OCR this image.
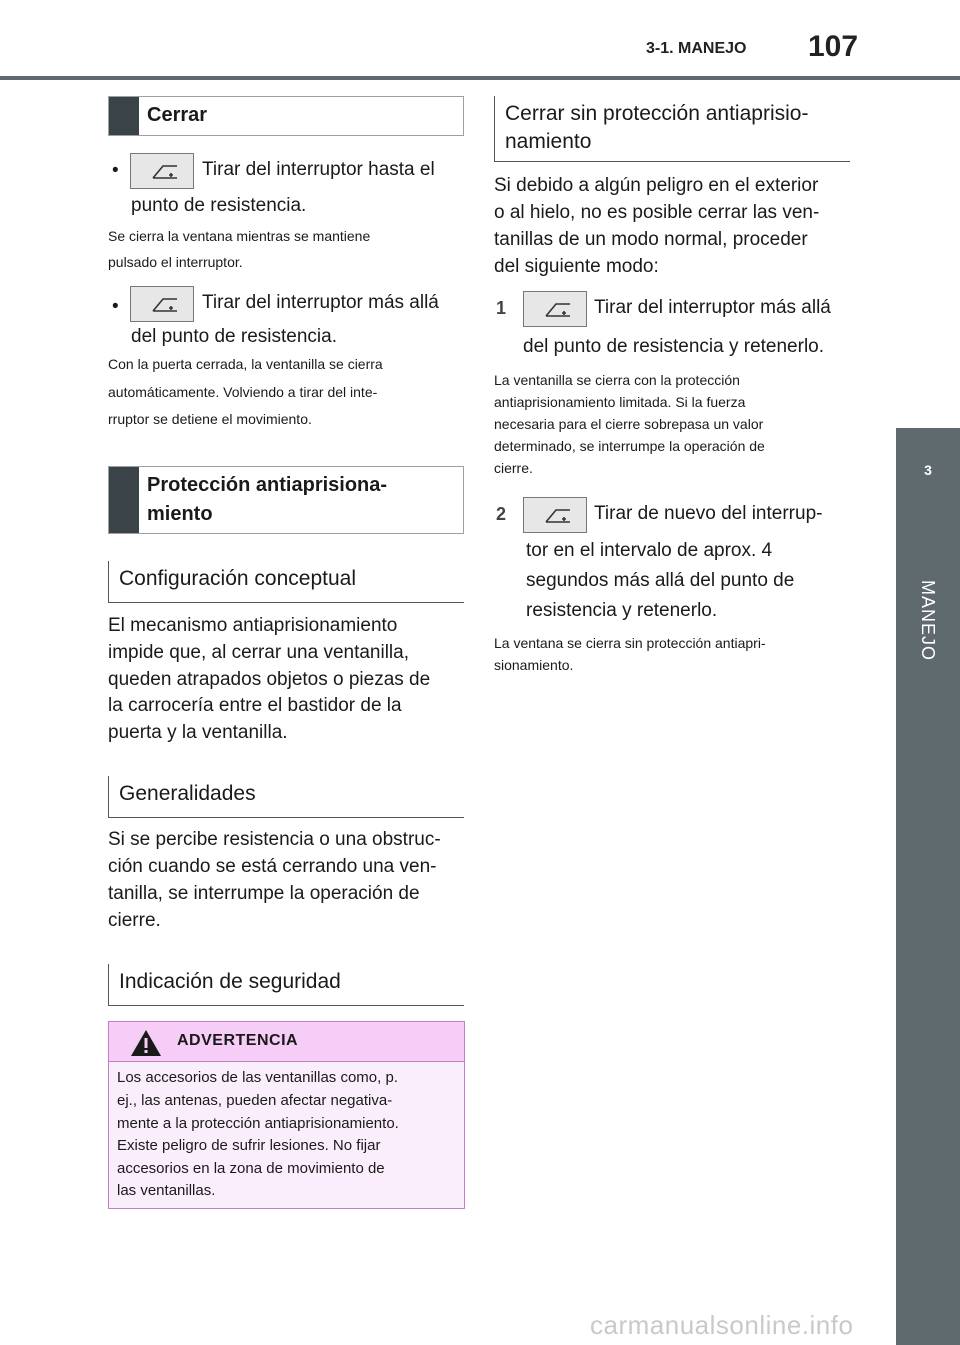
3-1. MANEJO 107
3
MANEJO
Cerrar
•	Tirar del interruptor hasta el
punto de resistencia.
Se cierra la ventana mientras se mantiene
pulsado el interruptor.
•	Tirar del interruptor más allá
del punto de resistencia.
Con la puerta cerrada, la ventanilla se cierra
automáticamente. Volviendo a tirar del inte-
rruptor se detiene el movimiento.
Protección antiaprisiona-
miento
Configuración conceptual
El mecanismo antiaprisionamiento
impide que, al cerrar una ventanilla,
queden atrapados objetos o piezas de
la carrocería entre el bastidor de la
puerta y la ventanilla.
Generalidades
Si se percibe resistencia o una obstruc-
ción cuando se está cerrando una ven-
tanilla, se interrumpe la operación de
cierre.
Indicación de seguridad
ADVERTENCIA
Los accesorios de las ventanillas como, p.
ej., las antenas, pueden afectar negativa-
mente a la protección antiaprisionamiento.
Existe peligro de sufrir lesiones. No fijar
accesorios en la zona de movimiento de
las ventanillas.
Cerrar sin protección antiaprisio-
namiento
Si debido a algún peligro en el exterior
o al hielo, no es posible cerrar las ven-
tanillas de un modo normal, proceder
del siguiente modo:
1	Tirar del interruptor más allá
del punto de resistencia y retenerlo.
La ventanilla se cierra con la protección
antiaprisionamiento limitada. Si la fuerza
necesaria para el cierre sobrepasa un valor
determinado, se interrumpe la operación de
cierre.
2	Tirar de nuevo del interrup-
tor en el intervalo de aprox. 4
segundos más allá del punto de
resistencia y retenerlo.
La ventana se cierra sin protección antiapri-
sionamiento.
carmanualsonline.info
